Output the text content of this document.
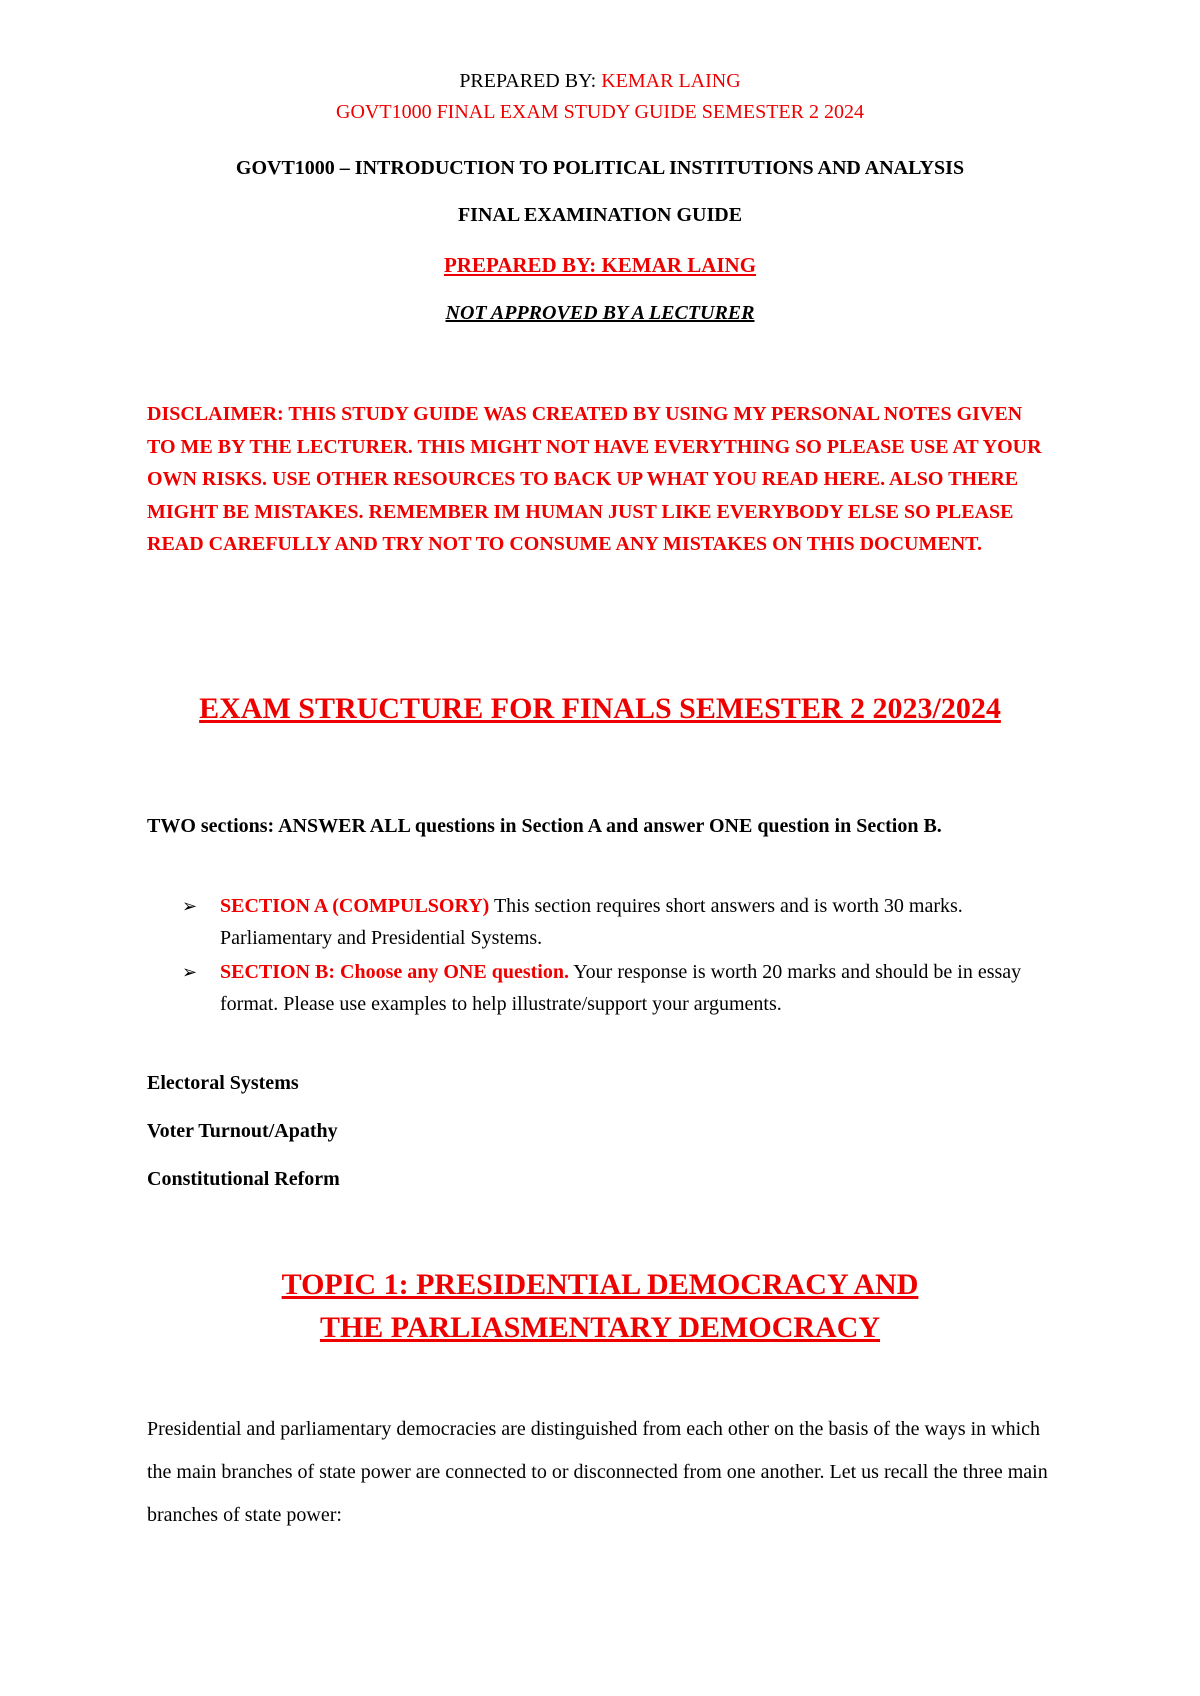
PREPARED BY: KEMAR LAING
GOVT1000 FINAL EXAM STUDY GUIDE SEMESTER 2 2024
GOVT1000 – INTRODUCTION TO POLITICAL INSTITUTIONS AND ANALYSIS
FINAL EXAMINATION GUIDE
PREPARED BY: KEMAR LAING
NOT APPROVED BY A LECTURER
DISCLAIMER: THIS STUDY GUIDE WAS CREATED BY USING MY PERSONAL NOTES GIVEN TO ME BY THE LECTURER. THIS MIGHT NOT HAVE EVERYTHING SO PLEASE USE AT YOUR OWN RISKS. USE OTHER RESOURCES TO BACK UP WHAT YOU READ HERE. ALSO THERE MIGHT BE MISTAKES. REMEMBER IM HUMAN JUST LIKE EVERYBODY ELSE SO PLEASE READ CAREFULLY AND TRY NOT TO CONSUME ANY MISTAKES ON THIS DOCUMENT.
EXAM STRUCTURE FOR FINALS SEMESTER 2 2023/2024
TWO sections: ANSWER ALL questions in Section A and answer ONE question in Section B.
➢ SECTION A (COMPULSORY) This section requires short answers and is worth 30 marks. Parliamentary and Presidential Systems.
➢ SECTION B: Choose any ONE question. Your response is worth 20 marks and should be in essay format. Please use examples to help illustrate/support your arguments.
Electoral Systems
Voter Turnout/Apathy
Constitutional Reform
TOPIC 1: PRESIDENTIAL DEMOCRACY AND THE PARLIASMENTARY DEMOCRACY
Presidential and parliamentary democracies are distinguished from each other on the basis of the ways in which the main branches of state power are connected to or disconnected from one another. Let us recall the three main branches of state power:
